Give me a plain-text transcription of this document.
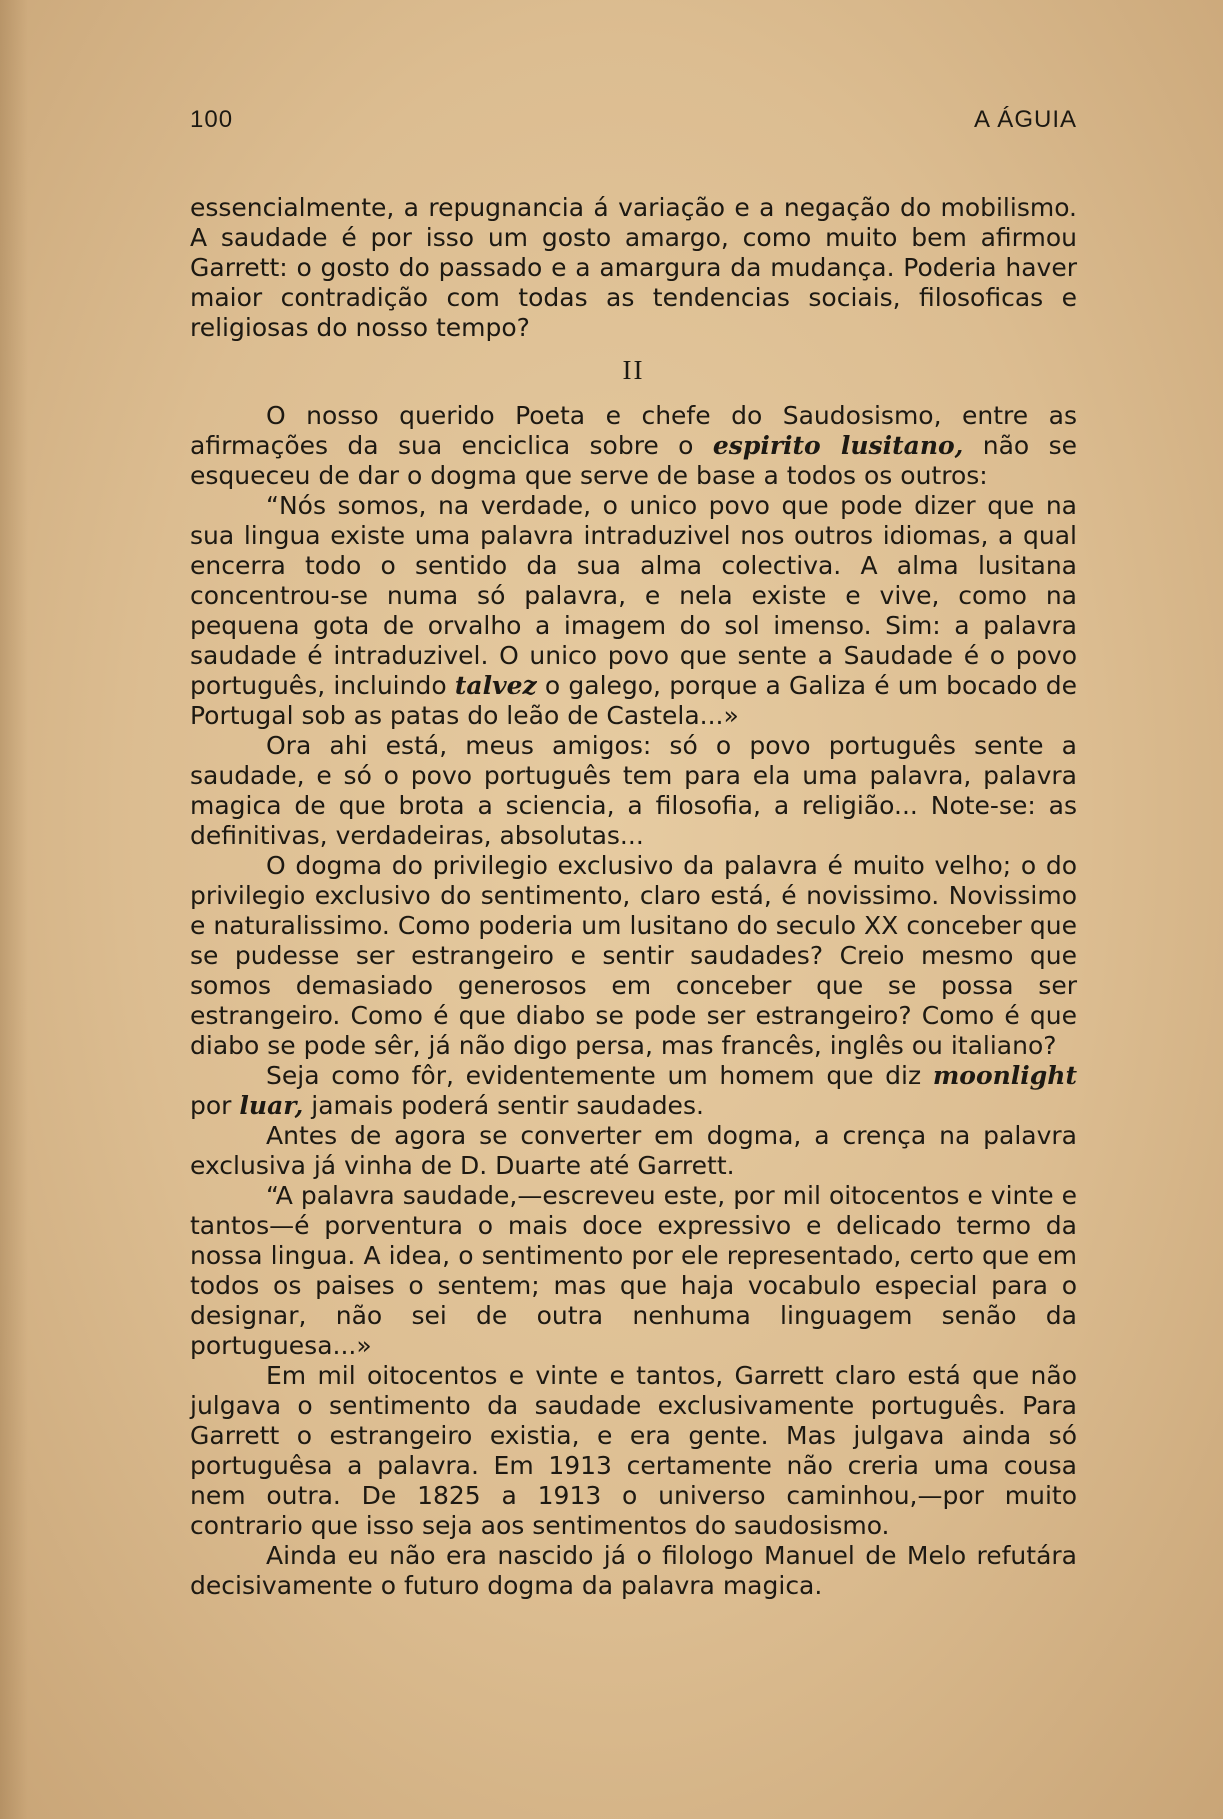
100	A ÁGUIA

essencialmente, a repugnancia á variação e a negação do mobilismo. A saudade é por isso um gosto amargo, como muito bem afirmou Garrett: o gosto do passado e a amargura da mudança. Poderia haver maior contradição com todas as tendencias sociais, filosoficas e religiosas do nosso tempo?

II

O nosso querido Poeta e chefe do Saudosismo, entre as afirmações da sua enciclica sobre o espirito lusitano, não se esqueceu de dar o dogma que serve de base a todos os outros:

“Nós somos, na verdade, o unico povo que pode dizer que na sua lingua existe uma palavra intraduzivel nos outros idiomas, a qual encerra todo o sentido da sua alma colectiva. A alma lusitana concentrou-se numa só palavra, e nela existe e vive, como na pequena gota de orvalho a imagem do sol imenso. Sim: a palavra saudade é intraduzivel. O unico povo que sente a Saudade é o povo português, incluindo talvez o galego, porque a Galiza é um bocado de Portugal sob as patas do leão de Castela...»

Ora ahi está, meus amigos: só o povo português sente a saudade, e só o povo português tem para ela uma palavra, palavra magica de que brota a sciencia, a filosofia, a religião... Note-se: as definitivas, verdadeiras, absolutas...

O dogma do privilegio exclusivo da palavra é muito velho; o do privilegio exclusivo do sentimento, claro está, é novissimo. Novissimo e naturalissimo. Como poderia um lusitano do seculo XX conceber que se pudesse ser estrangeiro e sentir saudades? Creio mesmo que somos demasiado generosos em conceber que se possa ser estrangeiro. Como é que diabo se pode ser estrangeiro? Como é que diabo se pode sêr, já não digo persa, mas francês, inglês ou italiano?

Seja como fôr, evidentemente um homem que diz moonlight por luar, jamais poderá sentir saudades.

Antes de agora se converter em dogma, a crença na palavra exclusiva já vinha de D. Duarte até Garrett.

“A palavra saudade,—escreveu este, por mil oitocentos e vinte e tantos—é porventura o mais doce expressivo e delicado termo da nossa lingua. A idea, o sentimento por ele representado, certo que em todos os paises o sentem; mas que haja vocabulo especial para o designar, não sei de outra nenhuma linguagem senão da portuguesa...»

Em mil oitocentos e vinte e tantos, Garrett claro está que não julgava o sentimento da saudade exclusivamente português. Para Garrett o estrangeiro existia, e era gente. Mas julgava ainda só portuguêsa a palavra. Em 1913 certamente não creria uma cousa nem outra. De 1825 a 1913 o universo caminhou,—por muito contrario que isso seja aos sentimentos do saudosismo.

Ainda eu não era nascido já o filologo Manuel de Melo refutára decisivamente o futuro dogma da palavra magica.
